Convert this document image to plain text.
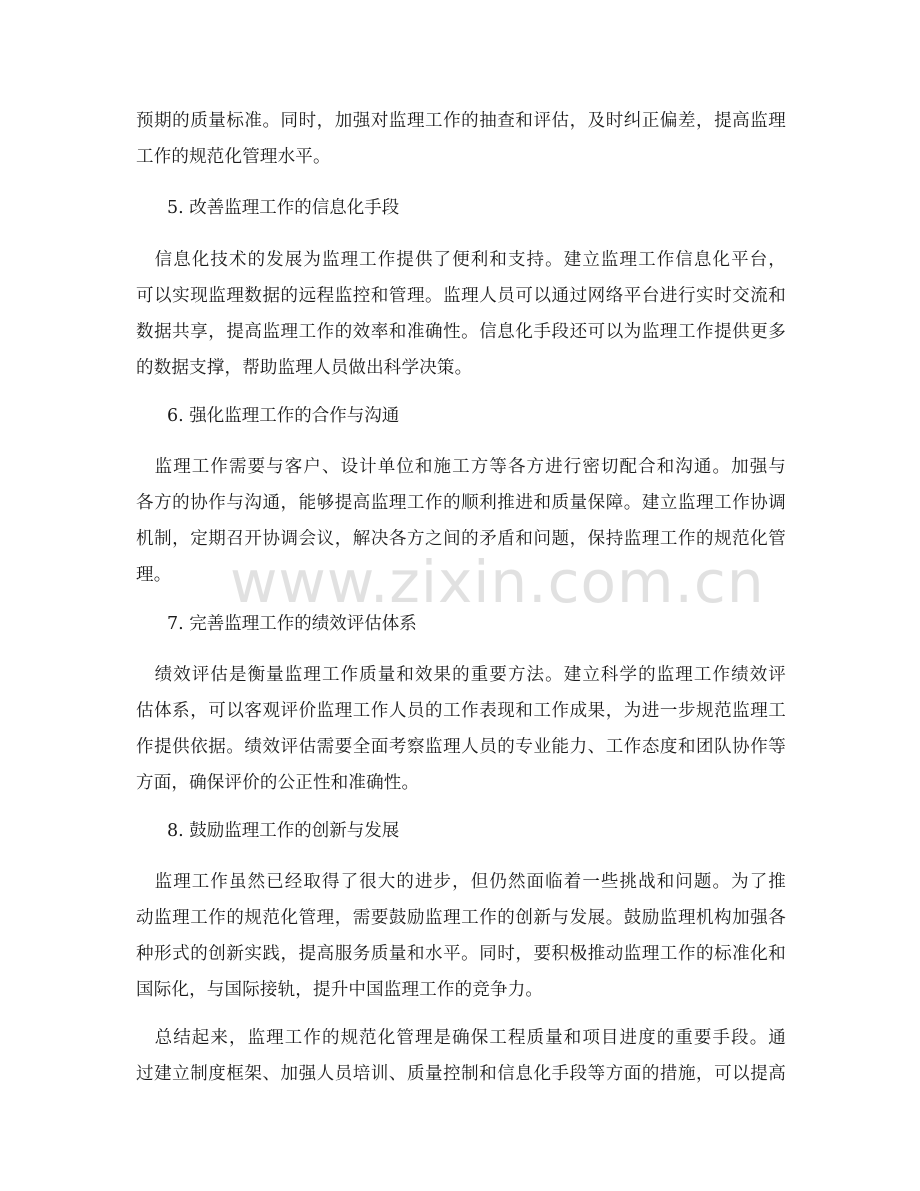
预期的质量标准。同时，加强对监理工作的抽查和评估，及时纠正偏差，提高监理
工作的规范化管理水平。
5. 改善监理工作的信息化手段
　信息化技术的发展为监理工作提供了便利和支持。建立监理工作信息化平台，
可以实现监理数据的远程监控和管理。监理人员可以通过网络平台进行实时交流和
数据共享，提高监理工作的效率和准确性。信息化手段还可以为监理工作提供更多
的数据支撑，帮助监理人员做出科学决策。
6. 强化监理工作的合作与沟通
　监理工作需要与客户、设计单位和施工方等各方进行密切配合和沟通。加强与
各方的协作与沟通，能够提高监理工作的顺利推进和质量保障。建立监理工作协调
机制，定期召开协调会议，解决各方之间的矛盾和问题，保持监理工作的规范化管
理。
7. 完善监理工作的绩效评估体系
　绩效评估是衡量监理工作质量和效果的重要方法。建立科学的监理工作绩效评
估体系，可以客观评价监理工作人员的工作表现和工作成果，为进一步规范监理工
作提供依据。绩效评估需要全面考察监理人员的专业能力、工作态度和团队协作等
方面，确保评价的公正性和准确性。
8. 鼓励监理工作的创新与发展
　监理工作虽然已经取得了很大的进步，但仍然面临着一些挑战和问题。为了推
动监理工作的规范化管理，需要鼓励监理工作的创新与发展。鼓励监理机构加强各
种形式的创新实践，提高服务质量和水平。同时，要积极推动监理工作的标准化和
国际化，与国际接轨，提升中国监理工作的竞争力。
　总结起来，监理工作的规范化管理是确保工程质量和项目进度的重要手段。通
过建立制度框架、加强人员培训、质量控制和信息化手段等方面的措施，可以提高
www.zixin.com.cn
